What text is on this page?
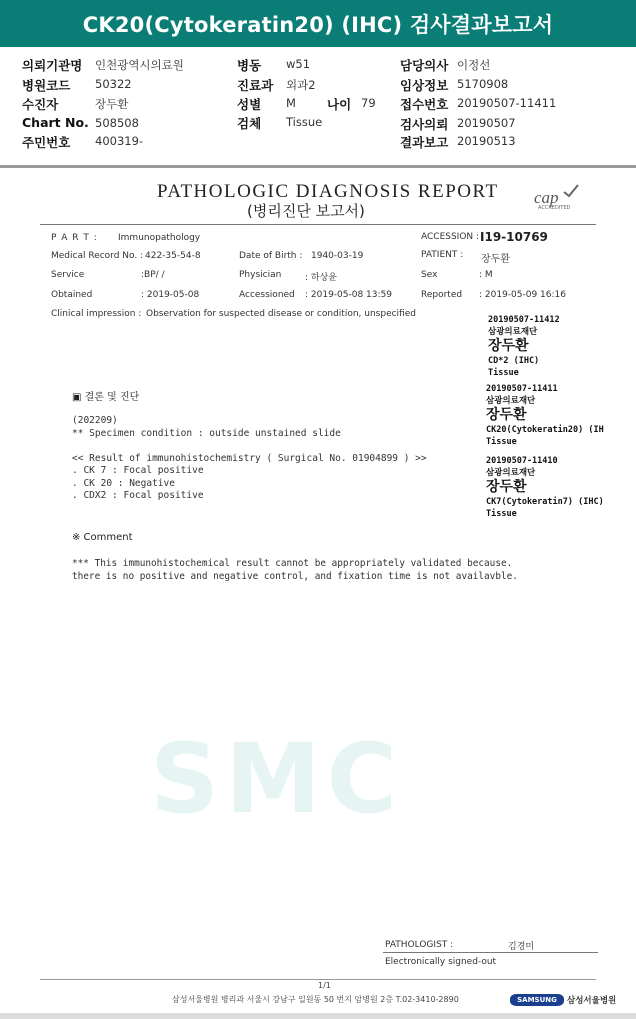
CK20(Cytokeratin20) (IHC) 검사결과보고서
의뢰기관명 인천광역시의료원
병원코드 50322
수진자	장두환
Chart No. 508508
주민번호 400319-
병동 w51
진료과 외과2
성별 M 나이 79
검체 Tissue
담당의사 이정선
임상정보 5170908
접수번호 20190507-11411
검사의뢰 20190507
결과보고 20190513
SMC
PATHOLOGIC DIAGNOSIS REPORT
(병리진단 보고서)
cap
ACCREDITED
P A R T : Immunopathology	ACCESSION : I19-10769
Medical Record No. : 422-35-54-8	Date of Birth : 1940-03-19	PATIENT : 장두환
Service	:BP/ /	Physician	: 하상윤	Sex	: M
Obtained	: 2019-05-08	Accessioned : 2019-05-08 13:59	Reported : 2019-05-09 16:16
Clinical impression : Observation for suspected disease or condition, unspecified
20190507-11412
삼광의료재단
장두환
CD*2 (IHC)
Tissue
20190507-11411
삼광의료재단
장두환
CK20(Cytokeratin20) (IH
Tissue
20190507-11410
삼광의료재단
장두환
CK7(Cytokeratin7) (IHC)
Tissue
▣ 결론 및 진단
(202209)
** Specimen condition : outside unstained slide
<< Result of immunohistochemistry ( Surgical No. 01904899 ) >>
. CK 7 : Focal positive
. CK 20 : Negative
. CDX2 : Focal positive
※ Comment
*** This immunohistochemical result cannot be appropriately validated because.
there is no positive and negative control, and fixation time is not availavble.
PATHOLOGIST :	김경미
Electronically signed-out
1/1
삼성서울병원 병리과 서울시 강남구 일원동 50 번지 암병원 2층 T.02-3410-2890	SAMSUNG	삼성서울병원
